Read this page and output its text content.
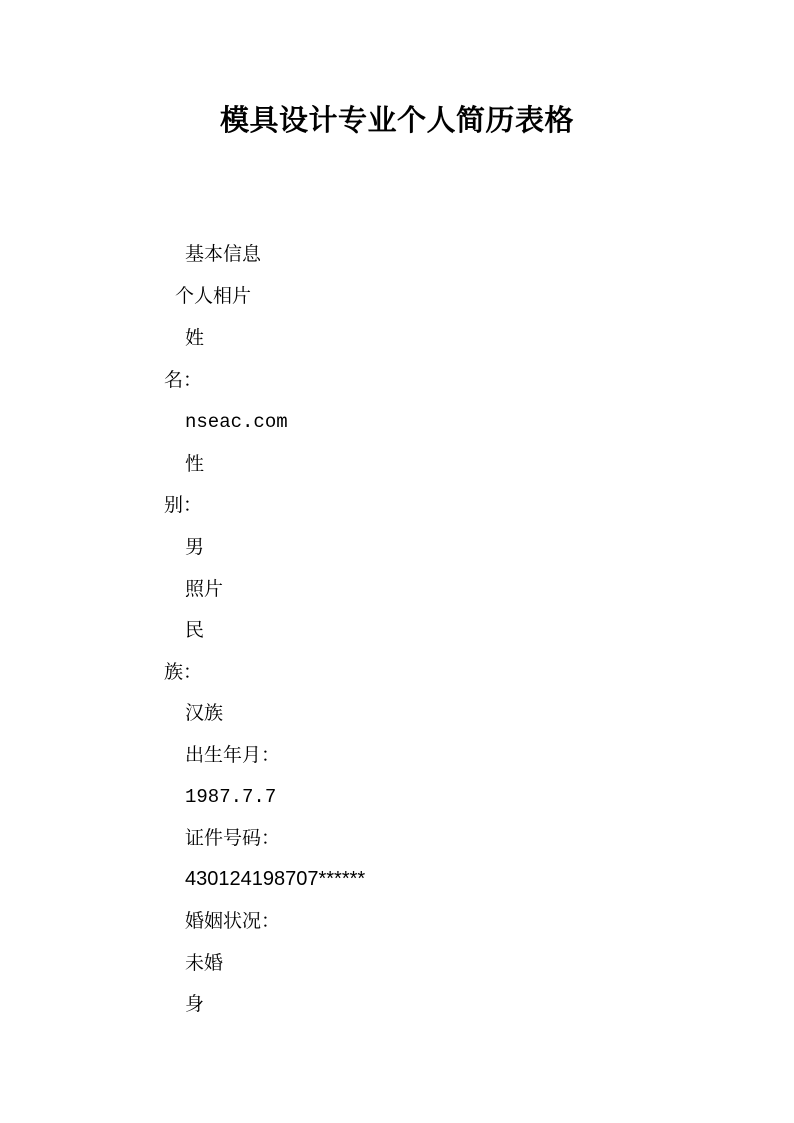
模具设计专业个人简历表格
基本信息
个人相片
姓
名：
nseac.com
性
别：
男
照片
民
族：
汉族
出生年月：
1987.7.7
证件号码：
430124198707******
婚姻状况：
未婚
身
